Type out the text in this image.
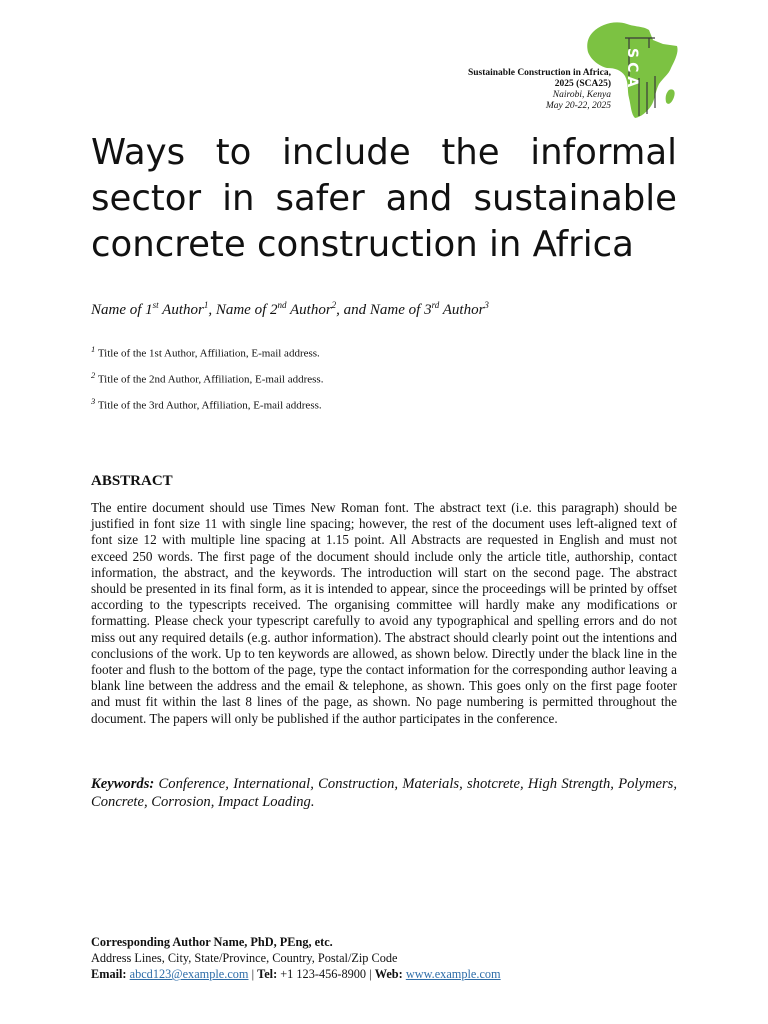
Sustainable Construction in Africa,
2025 (SCA25)
Nairobi, Kenya
May 20-22, 2025
SCA
Ways to include the informal sector in safer and sustainable concrete construction in Africa
Name of 1st Author$^1$, Name of 2nd Author$^2$, and Name of 3rd Author$^3$
$^1$ Title of the 1st Author, Affiliation, E-mail address.
$^2$ Title of the 2nd Author, Affiliation, E-mail address.
$^3$ Title of the 3rd Author, Affiliation, E-mail address.
ABSTRACT

The entire document should use Times New Roman font. The abstract text (i.e. this paragraph) should be justified in font size 11 with single line spacing; however, the rest of the document uses left-aligned text of font size 12 with multiple line spacing at 1.15 point. All Abstracts are requested in English and must not exceed 250 words. The first page of the document should include only the article title, authorship, contact information, the abstract, and the keywords. The introduction will start on the second page. The abstract should be presented in its final form, as it is intended to appear, since the proceedings will be printed by offset according to the typescripts received. The organising committee will hardly make any modifications or formatting. Please check your typescript carefully to avoid any typographical and spelling errors and do not miss out any required details (e.g. author information). The abstract should clearly point out the intentions and conclusions of the work. Up to ten keywords are allowed, as shown below. Directly under the black line in the footer and flush to the bottom of the page, type the contact information for the corresponding author leaving a blank line between the address and the email & telephone, as shown. This goes only on the first page footer and must fit within the last 8 lines of the page, as shown. No page numbering is permitted throughout the document. The papers will only be published if the author participates in the conference.

Keywords: Conference, International, Construction, Materials, shotcrete, High Strength, Polymers, Concrete, Corrosion, Impact Loading.

Corresponding Author Name, PhD, PEng, etc.
Address Lines, City, State/Province, Country, Postal/Zip Code
Email: abcd123@example.com | Tel: +1 123-456-8900 | Web: www.example.com
